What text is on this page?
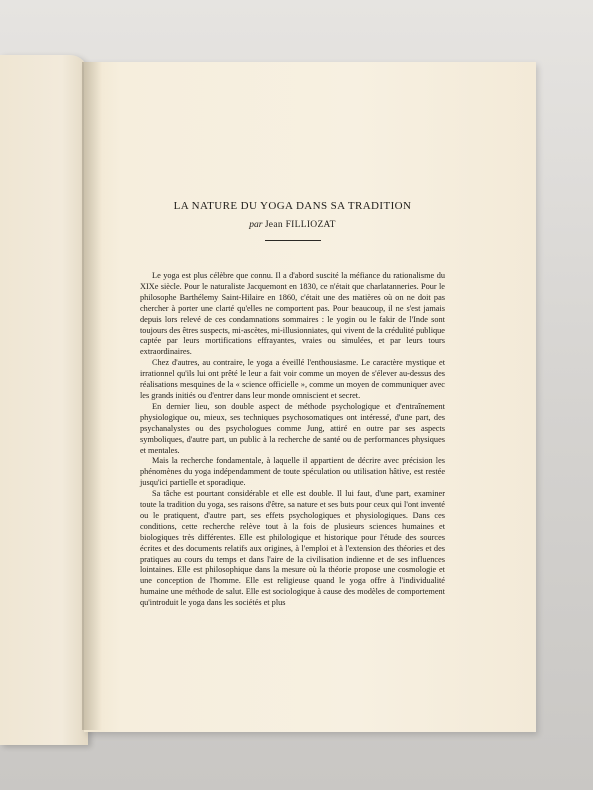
LA NATURE DU YOGA DANS SA TRADITION

par Jean FILLIOZAT

Le yoga est plus célèbre que connu. Il a d'abord suscité la méfiance du rationalisme du XIXe siècle. Pour le naturaliste Jacquemont en 1830, ce n'était que charlatanneries. Pour le philosophe Barthélemy Saint-Hilaire en 1860, c'était une des matières où on ne doit pas chercher à porter une clarté qu'elles ne comportent pas. Pour beaucoup, il ne s'est jamais depuis lors relevé de ces condamnations sommaires : le yogin ou le fakir de l'Inde sont toujours des êtres suspects, mi-ascètes, mi-illusionniates, qui vivent de la crédulité publique captée par leurs mortifications effrayantes, vraies ou simulées, et par leurs tours extraordinaires.

Chez d'autres, au contraire, le yoga a éveillé l'enthousiasme. Le caractère mystique et irrationnel qu'ils lui ont prêté le leur a fait voir comme un moyen de s'élever au-dessus des réalisations mesquines de la « science officielle », comme un moyen de communiquer avec les grands initiés ou d'entrer dans leur monde omniscient et secret.

En dernier lieu, son double aspect de méthode psychologique et d'entraînement physiologique ou, mieux, ses techniques psychosomatiques ont intéressé, d'une part, des psychanalystes ou des psychologues comme Jung, attiré en outre par ses aspects symboliques, d'autre part, un public à la recherche de santé ou de performances physiques et mentales.

Mais la recherche fondamentale, à laquelle il appartient de décrire avec précision les phénomènes du yoga indépendamment de toute spéculation ou utilisation hâtive, est restée jusqu'ici partielle et sporadique.

Sa tâche est pourtant considérable et elle est double. Il lui faut, d'une part, examiner toute la tradition du yoga, ses raisons d'être, sa nature et ses buts pour ceux qui l'ont inventé ou le pratiquent, d'autre part, ses effets psychologiques et physiologiques. Dans ces conditions, cette recherche relève tout à la fois de plusieurs sciences humaines et biologiques très différentes. Elle est philologique et historique pour l'étude des sources écrites et des documents relatifs aux origines, à l'emploi et à l'extension des théories et des pratiques au cours du temps et dans l'aire de la civilisation indienne et de ses influences lointaines. Elle est philosophique dans la mesure où la théorie propose une cosmologie et une conception de l'homme. Elle est religieuse quand le yoga offre à l'individualité humaine une méthode de salut. Elle est sociologique à cause des modèles de comportement qu'introduit le yoga dans les sociétés et plus
